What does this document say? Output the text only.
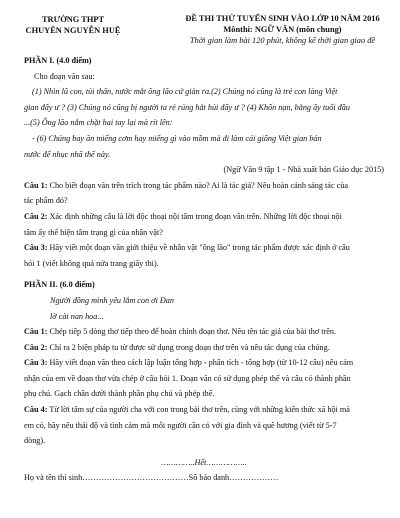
TRƯỜNG THPT
CHUYÊN NGUYỄN HUỆ
ĐỀ THI THỬ TUYỂN SINH VÀO LỚP 10 NĂM 2016
Mônthi: NGỮ VĂN (môn chung)
Thời gian làm bài 120 phút, không kể thời gian giao đề

PHẦN I. (4.0 điểm)

Cho đoạn văn sau:

(1) Nhìn lũ con, tủi thân, nước mắt ông lão cứ giàn ra.(2) Chúng nó cũng là trẻ con làng Việt

gian đấy ư ? (3) Chúng nó cũng bị người ta rẻ rúng hắt hủi đấy ư ? (4) Khốn nạn, bằng ấy tuổi đầu

...(5) Ông lão nắm chặt hai tay lại mà rít lên:

- (6) Chúng bay ăn miếng cơm hay miếng gì vào mồm mà đi làm cái giống Việt gian bán

nước để nhục nhã thế này.

(Ngữ Văn 9 tập 1 - Nhà xuất bản Giáo dục 2015)

Câu 1: Cho biết đoạn văn trên trích trong tác phẩm nào? Ai là tác giả? Nêu hoàn cảnh sáng tác của

tác phẩm đó?

Câu 2: Xác định những câu là lời độc thoại nội tâm trong đoạn văn trên. Những lời độc thoại nội

tâm ấy thể hiện tâm trạng gì của nhân vật?

Câu 3: Hãy viết một đoạn văn giới thiệu về nhân vật "ông lão" trong tác phẩm được xác định ở câu

hỏi 1 (viết không quá nửa trang giấy thi).

PHẦN II. (6.0 điểm)

Người đồng mình yêu lắm con ơi Đan

lờ cài nan hoa...

Câu 1: Chép tiếp 5 dòng thơ tiếp theo để hoàn chỉnh đoạn thơ. Nêu tên tác giả của bài thơ trên.

Câu 2: Chỉ ra 2 biện pháp tu từ được sử dụng trong đoạn thơ trên và nêu tác dụng của chúng.

Câu 3: Hãy viết đoạn văn theo cách lập luận tổng hợp - phân tích - tổng hợp (từ 10-12 câu) nêu cảm

nhận của em về đoạn thơ vừa chép ở câu hỏi 1. Đoạn văn có sử dụng phép thế và câu có thành phần

phụ chú. Gạch chân dưới thành phần phụ chú và phép thế.

Câu 4: Từ lời tâm sự của người cha với con trong bài thơ trên, cùng với những kiến thức xã hội mà

em có, hãy nêu thái độ và tình cảm mà mỗi người cần có với gia đình và quê hương (viết từ 5-7

dòng).

…………..Hết……………..

Họ và tên thí sinh…………………………………Số báo danh………………
